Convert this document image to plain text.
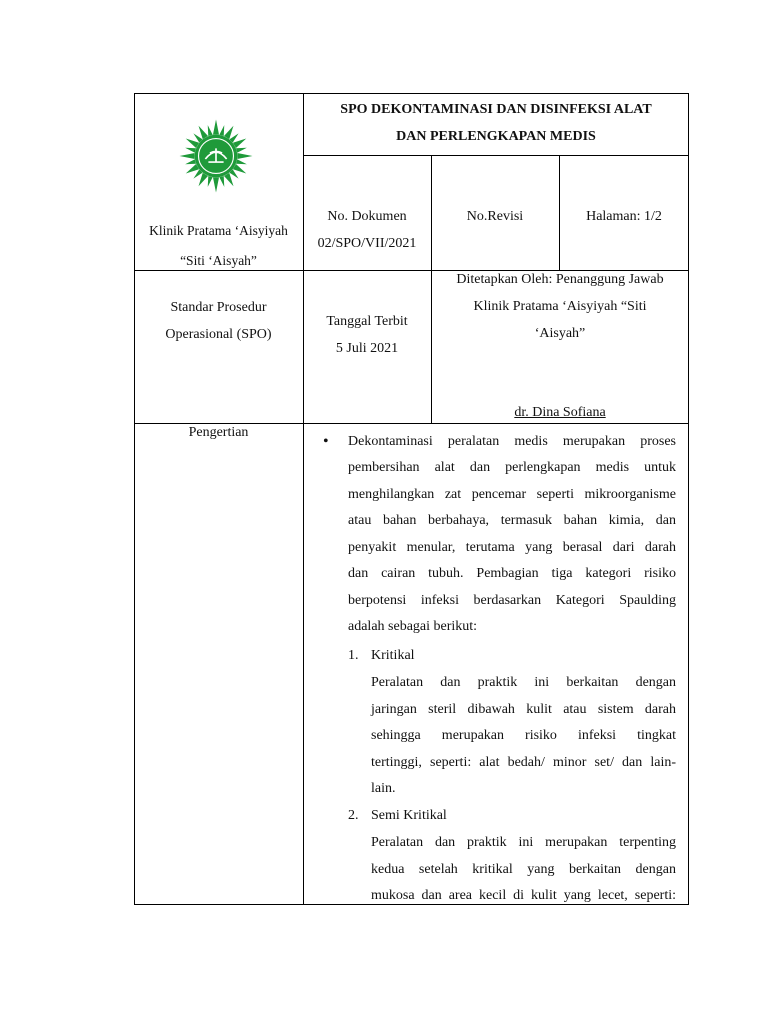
Klinik Pratama ‘Aisyiyah
“Siti ‘Aisyah”
SPO DEKONTAMINASI DAN DISINFEKSI ALAT
DAN PERLENGKAPAN MEDIS
No. Dokumen
02/SPO/VII/2021
No.Revisi	Halaman: 1/2
Standar Prosedur
Operasional (SPO)
Tanggal Terbit
5 Juli 2021
Ditetapkan Oleh: Penanggung Jawab
Klinik Pratama ‘Aisyiyah “Siti
‘Aisyah”
dr. Dina Sofiana
Pengertian
• Dekontaminasi peralatan medis merupakan proses
pembersihan alat dan perlengkapan medis untuk
menghilangkan zat pencemar seperti mikroorganisme
atau bahan berbahaya, termasuk bahan kimia, dan
penyakit menular, terutama yang berasal dari darah
dan cairan tubuh. Pembagian tiga kategori risiko
berpotensi infeksi berdasarkan Kategori Spaulding
adalah sebagai berikut:
1. Kritikal
Peralatan dan praktik ini berkaitan dengan
jaringan steril dibawah kulit atau sistem darah
sehingga merupakan risiko infeksi tingkat
tertinggi, seperti: alat bedah/ minor set/ dan lain-
lain.
2. Semi Kritikal
Peralatan dan praktik ini merupakan terpenting
kedua setelah kritikal yang berkaitan dengan
mukosa dan area kecil di kulit yang lecet, seperti:
